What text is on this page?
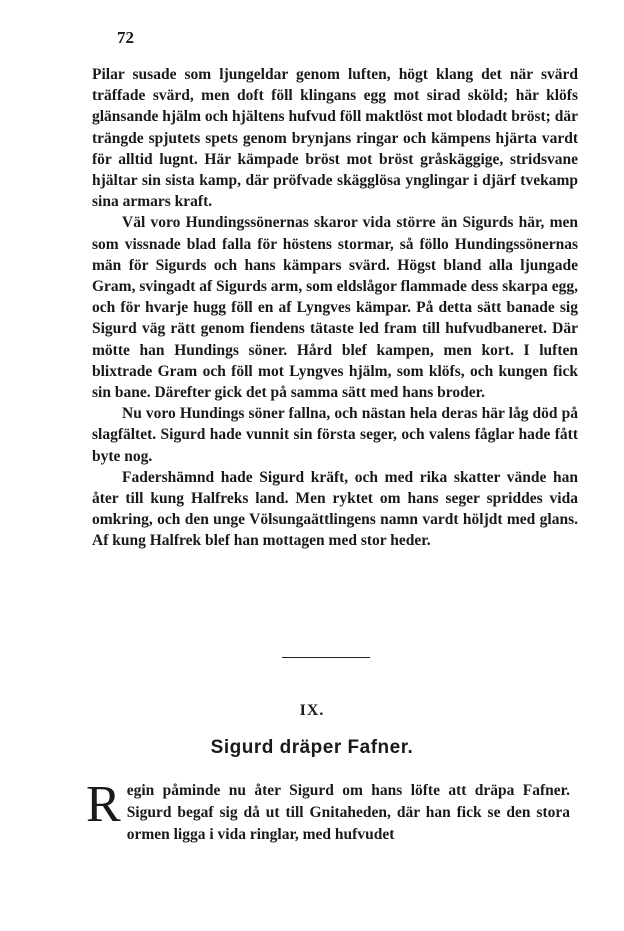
72

Pilar susade som ljungeldar genom luften, högt klang det när svärd träffade svärd, men doft föll klingans egg mot sirad sköld; här klöfs glänsande hjälm och hjältens hufvud föll maktlöst mot blodadt bröst; där trängde spjutets spets genom brynjans ringar och kämpens hjärta vardt för alltid lugnt. Här kämpade bröst mot bröst gråskäggige, stridsvane hjältar sin sista kamp, där pröfvade skägglösa ynglingar i djärf tvekamp sina armars kraft.

Väl voro Hundingssönernas skaror vida större än Sigurds här, men som vissnade blad falla för höstens stormar, så föllo Hundingssönernas män för Sigurds och hans kämpars svärd. Högst bland alla ljungade Gram, svingadt af Sigurds arm, som eldslågor flammade dess skarpa egg, och för hvarje hugg föll en af Lyngves kämpar. På detta sätt banade sig Sigurd väg rätt genom fiendens tätaste led fram till hufvudbaneret. Där mötte han Hundings söner. Hård blef kampen, men kort. I luften blixtrade Gram och föll mot Lyngves hjälm, som klöfs, och kungen fick sin bane. Därefter gick det på samma sätt med hans broder.

Nu voro Hundings söner fallna, och nästan hela deras här låg död på slagfältet. Sigurd hade vunnit sin första seger, och valens fåglar hade fått byte nog.

Fadershämnd hade Sigurd kräft, och med rika skatter vände han åter till kung Halfreks land. Men ryktet om hans seger spriddes vida omkring, och den unge Völsungaättlingens namn vardt höljdt med glans. Af kung Halfrek blef han mottagen med stor heder.

IX.
Sigurd dräper Fafner.
R egin påminde nu åter Sigurd om hans löfte att dräpa Fafner. Sigurd begaf sig då ut till Gnitaheden, där han fick se den stora ormen ligga i vida ringlar, med hufvudet
